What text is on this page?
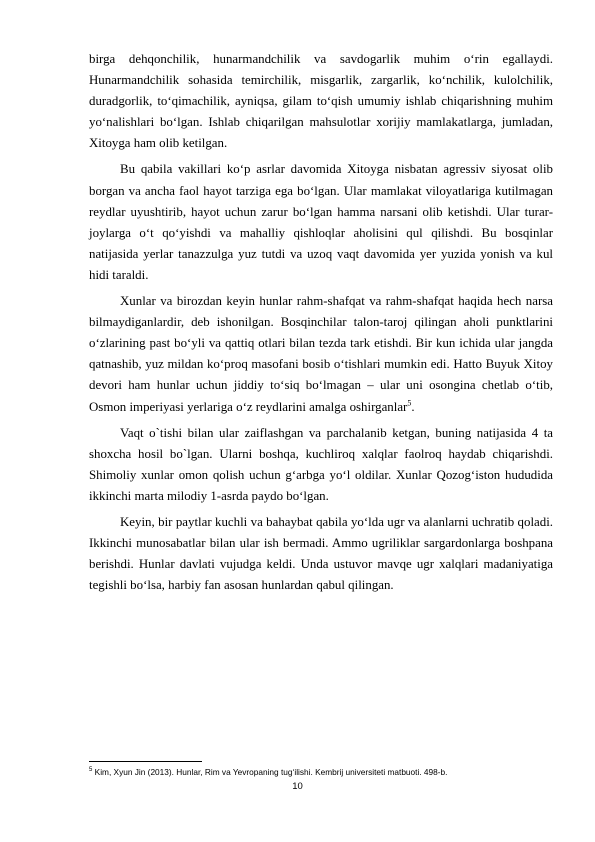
birga dehqonchilik, hunarmandchilik va savdogarlik muhim o‘rin egallaydi. Hunarmandchilik sohasida temirchilik, misgarlik, zargarlik, ko‘nchilik, kulolchilik, duradgorlik, to‘qimachilik, ayniqsa, gilam to‘qish umumiy ishlab chiqarishning muhim yo‘nalishlari bo‘lgan. Ishlab chiqarilgan mahsulotlar xorijiy mamlakatlarga, jumladan, Xitoyga ham olib ketilgan.

Bu qabila vakillari ko‘p asrlar davomida Xitoyga nisbatan agressiv siyosat olib borgan va ancha faol hayot tarziga ega bo‘lgan. Ular mamlakat viloyatlariga kutilmagan reydlar uyushtirib, hayot uchun zarur bo‘lgan hamma narsani olib ketishdi. Ular turar-joylarga o‘t qo‘yishdi va mahalliy qishloqlar aholisini qul qilishdi. Bu bosqinlar natijasida yerlar tanazzulga yuz tutdi va uzoq vaqt davomida yer yuzida yonish va kul hidi taraldi.

Xunlar va birozdan keyin hunlar rahm-shafqat va rahm-shafqat haqida hech narsa bilmaydiganlardir, deb ishonilgan. Bosqinchilar talon-taroj qilingan aholi punktlarini o‘zlarining past bo‘yli va qattiq otlari bilan tezda tark etishdi. Bir kun ichida ular jangda qatnashib, yuz mildan ko‘proq masofani bosib o‘tishlari mumkin edi. Hatto Buyuk Xitoy devori ham hunlar uchun jiddiy to‘siq bo‘lmagan – ular uni osongina chetlab o‘tib, Osmon imperiyasi yerlariga o‘z reydlarini amalga oshirganlar$^5$.

Vaqt o`tishi bilan ular zaiflashgan va parchalanib ketgan, buning natijasida 4 ta shoxcha hosil bo`lgan. Ularni boshqa, kuchliroq xalqlar faolroq haydab chiqarishdi. Shimoliy xunlar omon qolish uchun g‘arbga yo‘l oldilar. Xunlar Qozog‘iston hududida ikkinchi marta milodiy 1-asrda paydo bo‘lgan.

Keyin, bir paytlar kuchli va bahaybat qabila yo‘lda ugr va alanlarni uchratib qoladi. Ikkinchi munosabatlar bilan ular ish bermadi. Ammo ugriliklar sargardonlarga boshpana berishdi. Hunlar davlati vujudga keldi. Unda ustuvor mavqe ugr xalqlari madaniyatiga tegishli bo‘lsa, harbiy fan asosan hunlardan qabul qilingan.

$^5$ Kim, Xyun Jin (2013). Hunlar, Rim va Yevropaning tug‘ilishi. Kembrij universiteti matbuoti. 498-b.
10
